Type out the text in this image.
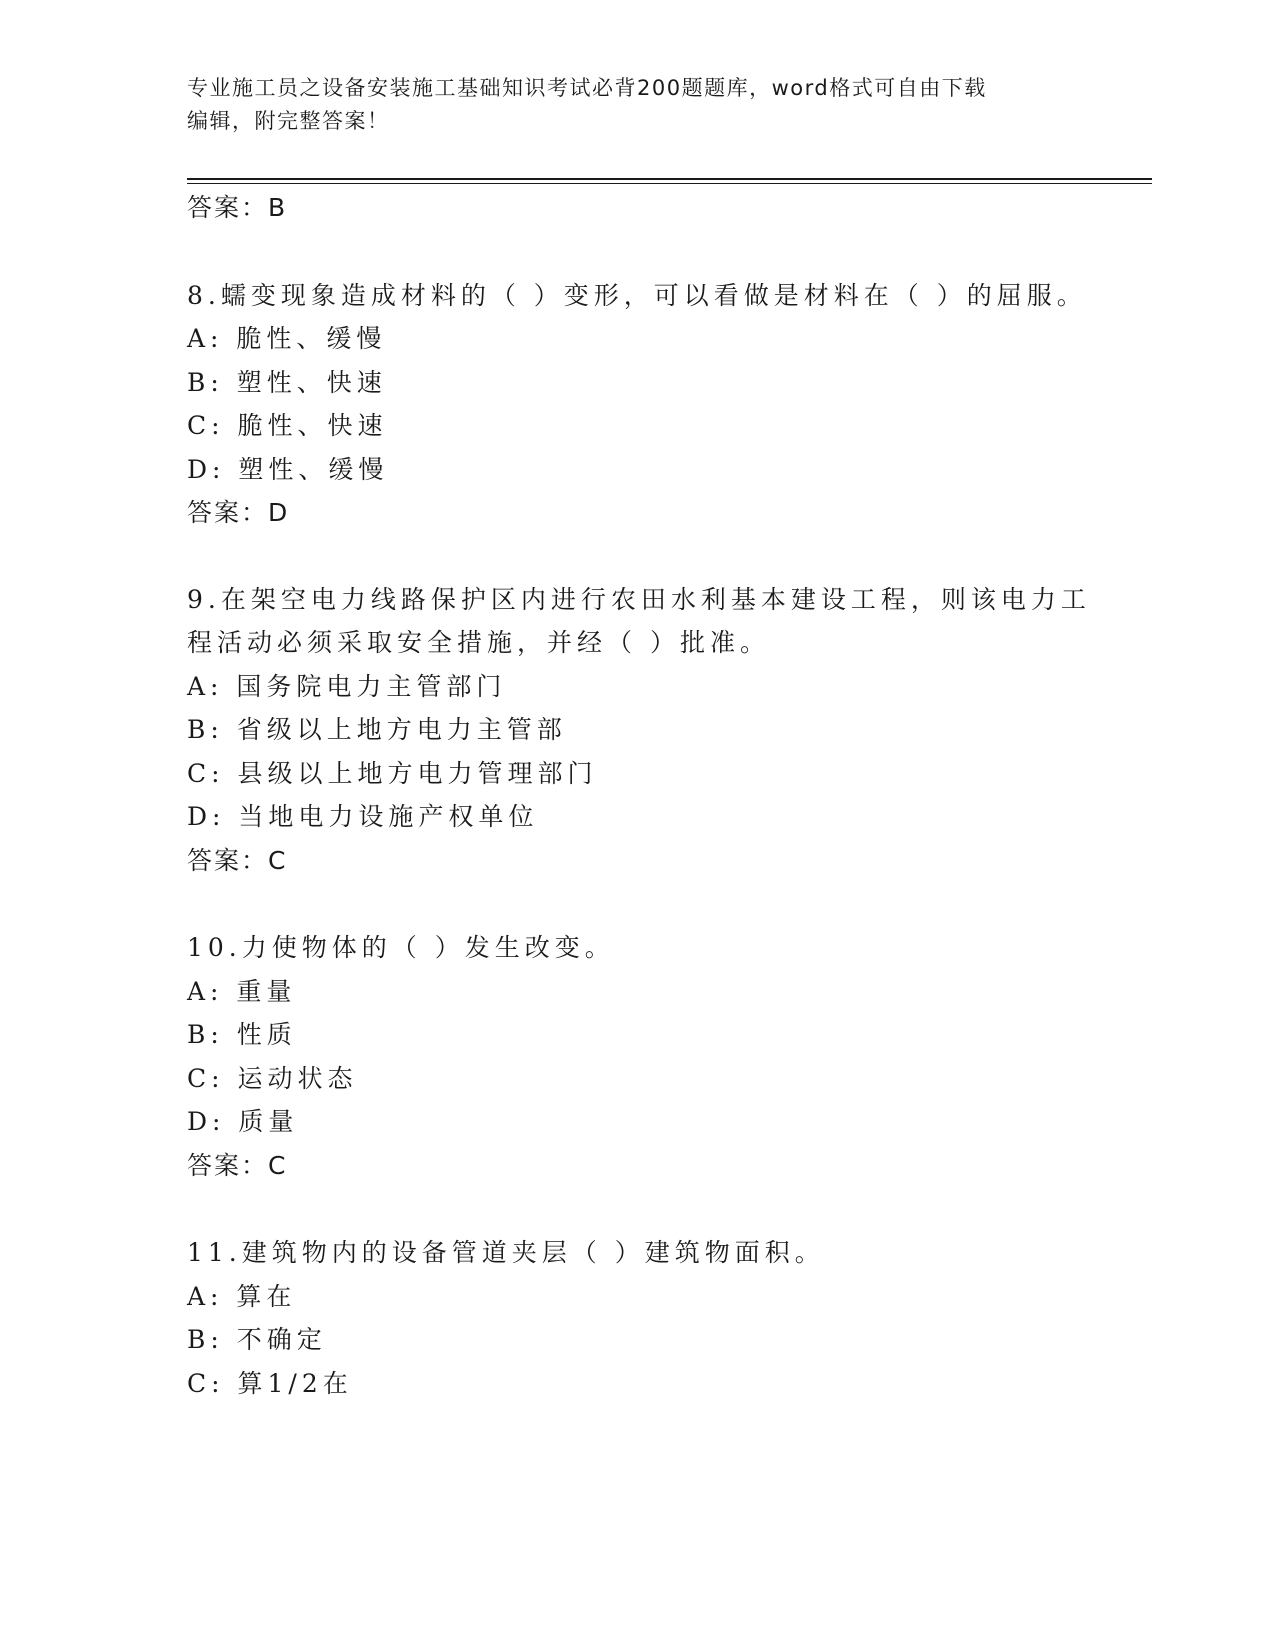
专业施工员之设备安装施工基础知识考试必背200题题库，word格式可自由下载
编辑，附完整答案！
答案：B
8.蠕变现象造成材料的（ ）变形，可以看做是材料在（ ）的屈服。
A: 脆性、缓慢
B: 塑性、快速
C: 脆性、快速
D: 塑性、缓慢
答案：D
9.在架空电力线路保护区内进行农田水利基本建设工程，则该电力工
程活动必须采取安全措施，并经（ ）批准。
A: 国务院电力主管部门
B: 省级以上地方电力主管部
C: 县级以上地方电力管理部门
D: 当地电力设施产权单位
答案：C
10.力使物体的（ ）发生改变。
A: 重量
B: 性质
C: 运动状态
D: 质量
答案：C
11.建筑物内的设备管道夹层（ ）建筑物面积。
A: 算在
B: 不确定
C: 算1/2在
